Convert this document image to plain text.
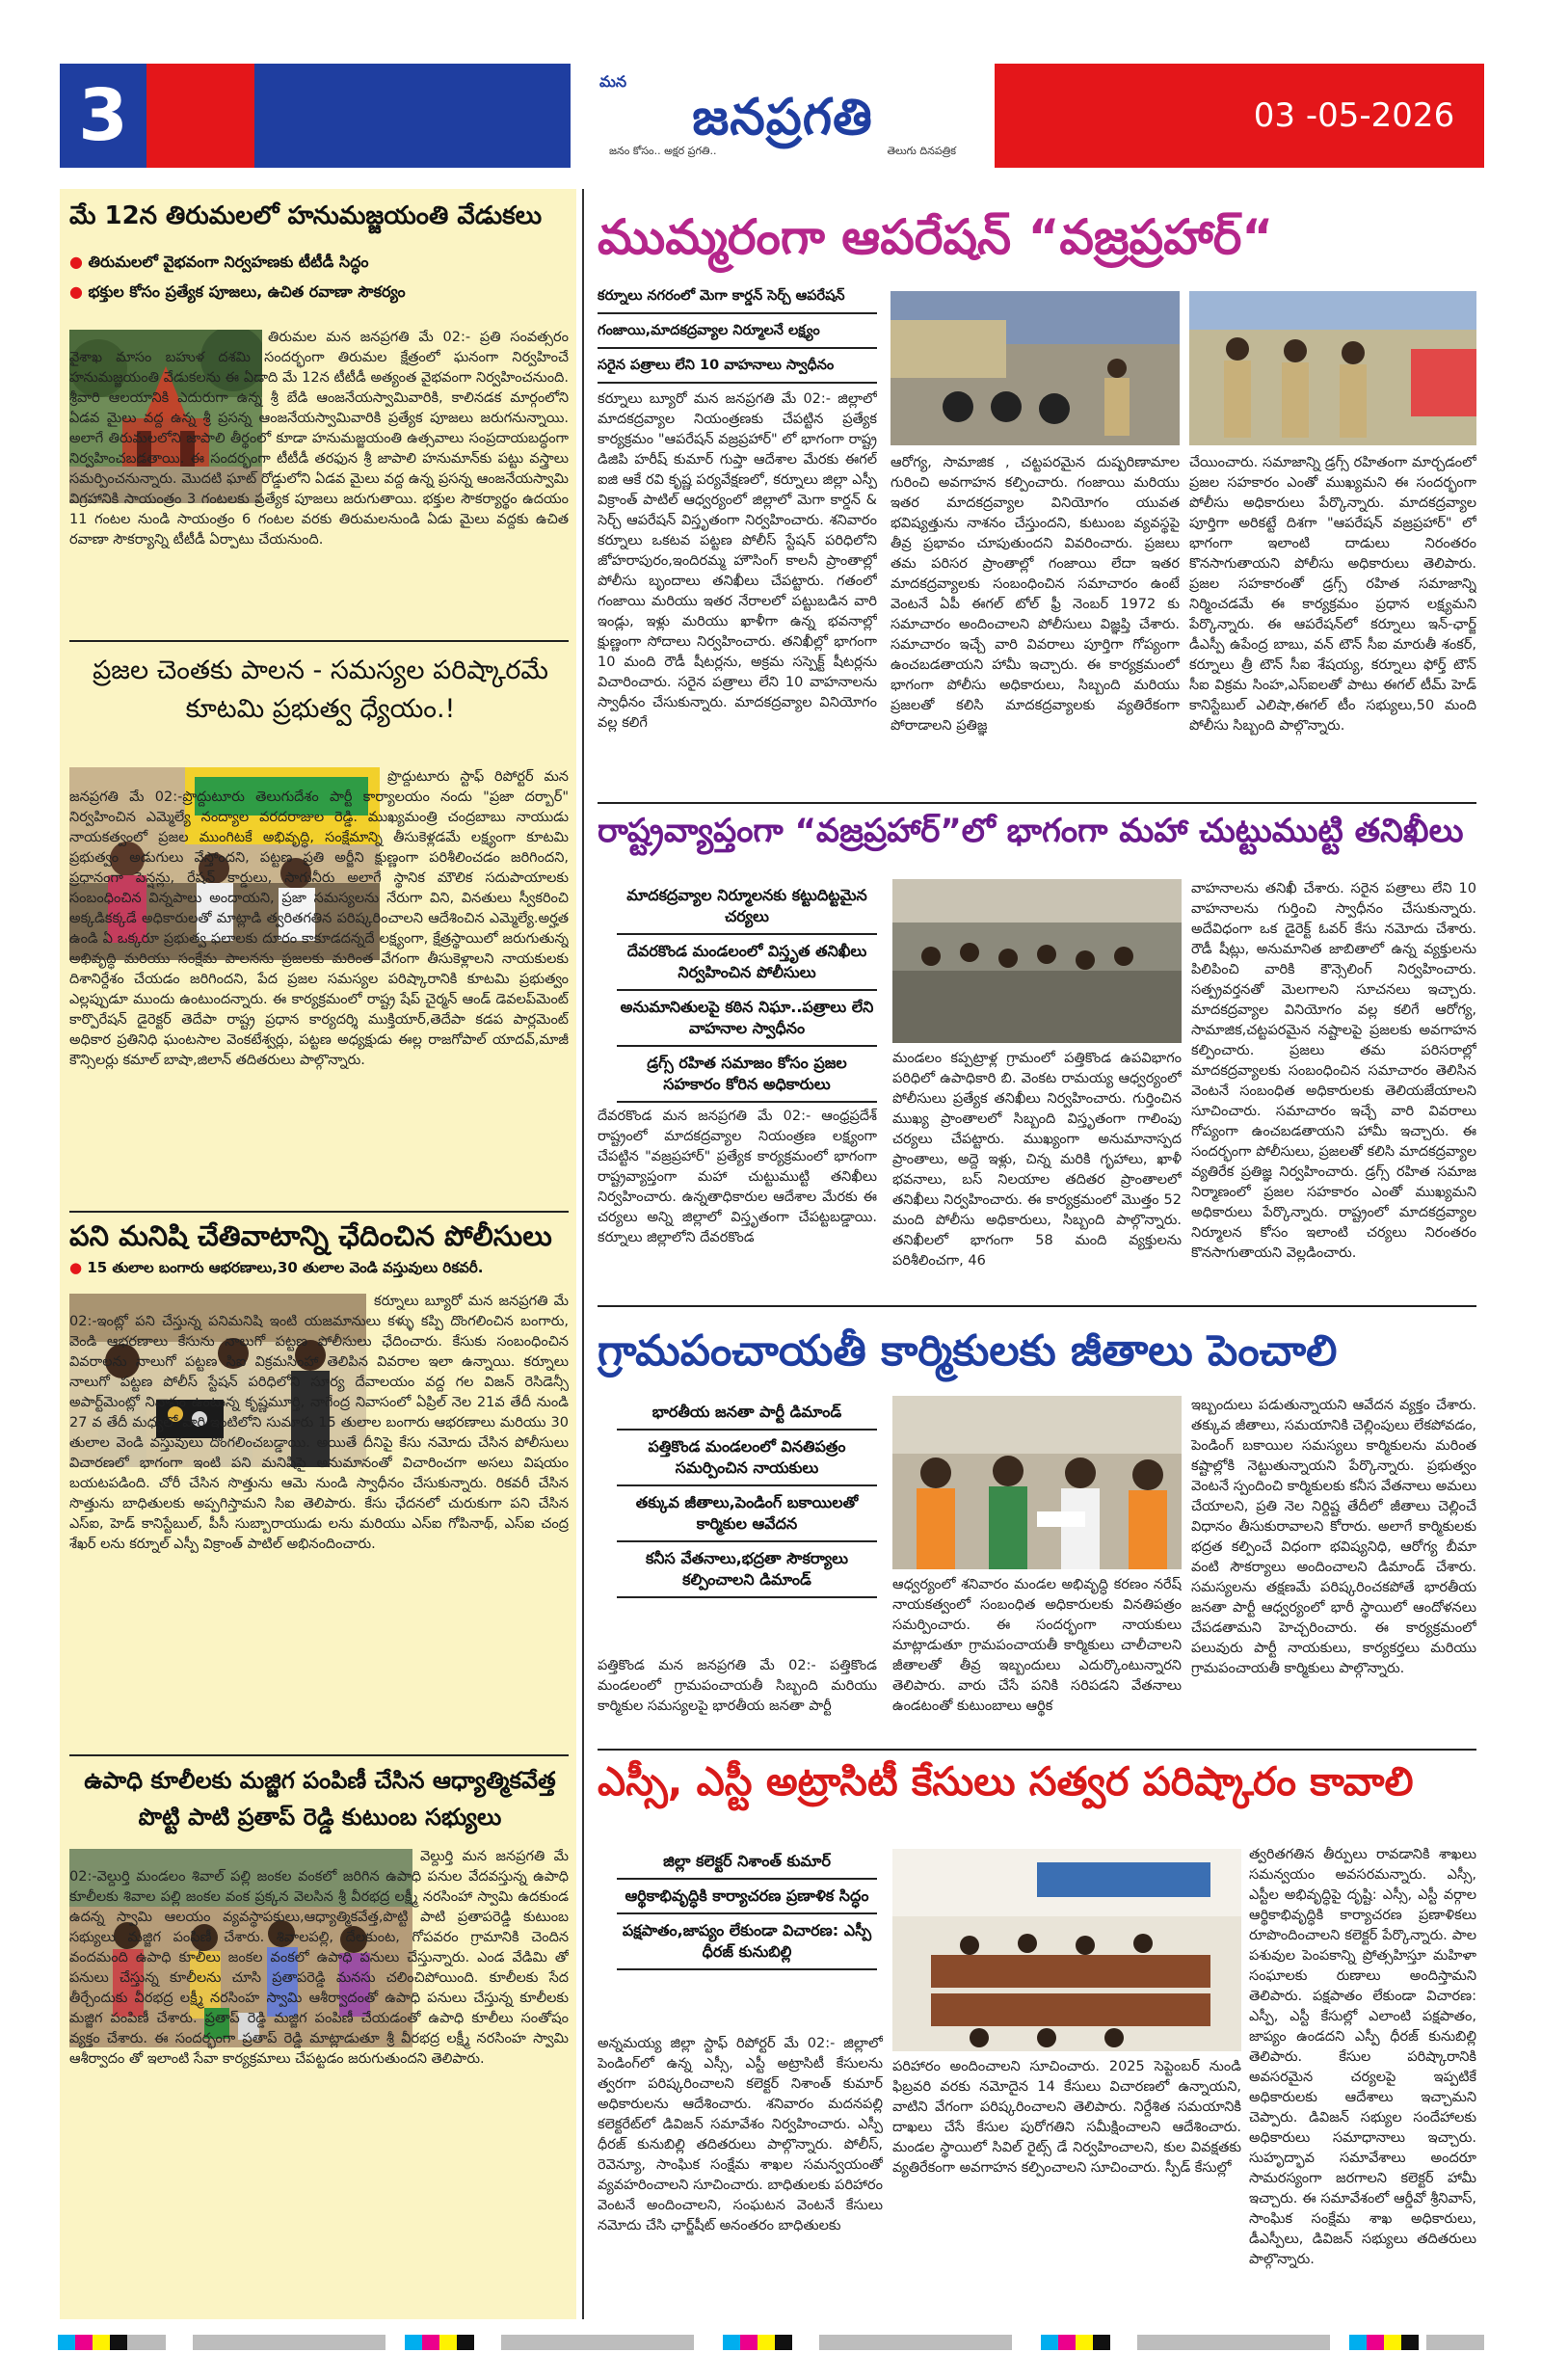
3	మన
జనప్రగతి
జనం కోసం.. అక్షర ప్రగతి..	తెలుగు దినపత్రిక
03 -05-2026
మే 12న తిరుమలలో హనుమజ్జయంతి వేడుకలు
● తిరుమలలో వైభవంగా నిర్వహణకు టీటీడీ సిద్ధం
● భక్తుల కోసం ప్రత్యేక పూజలు, ఉచిత రవాణా సౌకర్యం
తిరుమల మన జనప్రగతి మే 02:- ప్రతి సంవత్సరం వైశాఖ మాసం బహుళ దశమి సందర్భంగా తిరుమల క్షేత్రంలో ఘనంగా నిర్వహించే హనుమజ్జయంతి వేడుకలను ఈ ఏడాది మే 12న టీటీడీ అత్యంత వైభవంగా నిర్వహించనుంది. శ్రీవారి ఆలయానికి ఎదురుగా ఉన్న శ్రీ బేడి ఆంజనేయస్వామివారికి, కాలినడక మార్గంలోని ఏడవ మైలు వద్ద ఉన్న శ్రీ ప్రసన్న ఆంజనేయస్వామివారికి ప్రత్యేక పూజలు జరుగనున్నాయి. అలాగే తిరుమలలోని జాపాలి తీర్థంలో కూడా హనుమజ్జయంతి ఉత్సవాలు సంప్రదాయబద్ధంగా నిర్వహించబడతాయి. ఈ సందర్భంగా టీటీడీ తరఫున శ్రీ జాపాలి హనుమాన్‌కు పట్టు వస్త్రాలు సమర్పించనున్నారు. మొదటి ఘాట్ రోడ్డులోని ఏడవ మైలు వద్ద ఉన్న ప్రసన్న ఆంజనేయస్వామి విగ్రహానికి సాయంత్రం 3 గంటలకు ప్రత్యేక పూజలు జరుగుతాయి. భక్తుల సౌకర్యార్థం ఉదయం 11 గంటల నుండి సాయంత్రం 6 గంటల వరకు తిరుమలనుండి ఏడు మైలు వద్దకు ఉచిత రవాణా సౌకర్యాన్ని టీటీడీ ఏర్పాటు చేయనుంది.
ప్రజల చెంతకు పాలన - సమస్యల పరిష్కారమే కూటమి ప్రభుత్వ ధ్యేయం.!
ప్రొద్దుటూరు స్టాఫ్ రిపోర్టర్ మన జనప్రగతి మే 02:-ప్రొద్దుటూరు తెలుగుదేశం పార్టీ కార్యాలయం నందు "ప్రజా దర్బార్" నిర్వహించిన ఎమ్మెల్యే నంద్యాల వరదరాజుల రెడ్డి. ముఖ్యమంత్రి చంద్రబాబు నాయుడు నాయకత్వంలో ప్రజల ముంగిటకే అభివృద్ధి, సంక్షేమాన్ని తీసుకెళ్లడమే లక్ష్యంగా కూటమి ప్రభుత్వం అడుగులు వేస్తోందని, పట్టణ ప్రతి అర్జీని క్షుణ్ణంగా పరిశీలించడం జరిగిందని, ప్రధానంగా పెన్షన్లు, రేషన్ కార్డులు, సాగునీరు అలాగే స్థానిక మౌలిక సదుపాయాలకు సంబంధించిన విన్నపాలు అందాయని, ప్రజా సమస్యలను నేరుగా విని, వినతులు స్వీకరించి అక్కడికక్కడే అధికారులతో మాట్లాడి త్వరితగతిన పరిష్కరించాలని ఆదేశించిన ఎమ్మెల్యే.అర్హత ఉండి ఏ ఒక్కరూ ప్రభుత్వ ఫలాలకు దూరం కాకూడదన్నదే లక్ష్యంగా, క్షేత్రస్థాయిలో జరుగుతున్న అభివృద్ధి మరియు సంక్షేమ పాలనను ప్రజలకు మరింత వేగంగా తీసుకెళ్లాలని నాయకులకు దిశానిర్దేశం చేయడం జరిగిందని, పేద ప్రజల సమస్యల పరిష్కారానికి కూటమి ప్రభుత్వం ఎల్లప్పుడూ ముందు ఉంటుందన్నారు. ఈ కార్యక్రమంలో రాష్ట్ర షేప్ చైర్మన్ ఆండ్ డెవలప్‌మెంట్ కార్పొరేషన్ డైరెక్టర్ తెదేపా రాష్ట్ర ప్రధాన కార్యదర్శి ముక్తియార్,తెదేపా కడప పార్లమెంట్ అధికార ప్రతినిధి ఘంటసాల వెంకటేశ్వర్లు, పట్టణ అధ్యక్షుడు ఈల్ల రాజగోపాల్ యాదవ్,మాజీ కౌన్సిలర్లు కమాల్ బాషా,జిలాన్ తదితరులు పాల్గొన్నారు.
పని మనిషి చేతివాటాన్ని ఛేదించిన పోలీసులు
● 15 తులాల బంగారు ఆభరణాలు,30 తులాల వెండి వస్తువులు రికవరీ.
కర్నూలు బ్యూరో మన జనప్రగతి మే 02:-ఇంట్లో పని చేస్తున్న పనిమనిషి ఇంటి యజమానులు కళ్ళు కప్పి దొంగలించిన బంగారు, వెండి ఆభరణాలు కేసును నాలుగో పట్టణ పోలీసులు ఛేదించారు. కేసుకు సంబంధించిన వివరాలను నాలుగో పట్టణ సిఐ విక్రమసింహా తెలిపిన వివరాల ఇలా ఉన్నాయి. కర్నూలు నాలుగో పట్టణ పోలీస్ స్టేషన్ పరిధిలోని సూర్య దేవాలయం వద్ద గల విజన్ రెసిడెన్సీ అపార్ట్‌మెంట్లో నివాసం ఉంటున్న కృష్ణమూర్తి, నాగేంద్ర నివాసంలో ఏప్రిల్ నెల 21వ తేదీ నుండి 27 వ తేదీ మధ్యలో వారి ఇంటిలోని సుమారు 15 తులాల బంగారు ఆభరణాలు మరియు 30 తులాల వెండి వస్తువులు దొంగలించబడ్డాయి. అయితే దీనిపై కేసు నమోదు చేసిన పోలీసులు విచారణలో భాగంగా ఇంటి పని మనిషిపై అనుమానంతో విచారించగా అసలు విషయం బయటపడింది. చోరీ చేసిన సొత్తును ఆమె నుండి స్వాధీనం చేసుకున్నారు. రికవరీ చేసిన సొత్తును బాధితులకు అప్పగిస్తామని సిఐ తెలిపారు. కేసు ఛేదనలో చురుకుగా పని చేసిన ఎస్ఐ, హెడ్ కానిస్టేబుల్, పీసీ సుబ్బారాయుడు లను మరియు ఎస్ఐ గోపినాథ్, ఎస్ఐ చంద్ర శేఖర్ లను కర్నూల్ ఎస్పీ విక్రాంత్ పాటిల్ అభినందించారు.
ఉపాధి కూలీలకు మజ్జిగ పంపిణీ చేసిన ఆధ్యాత్మికవేత్త పొట్టి పాటి ప్రతాప్ రెడ్డి కుటుంబ సభ్యులు
వెల్దుర్తి మన జనప్రగతి మే 02:-వెల్దుర్తి మండలం శివాల్ పల్లి జంకల వంకలో జరిగిన ఉపాధి పనుల వేదవస్తున్న ఉపాధి కూలీలకు శివాల పల్లి జంకల వంక ప్రక్కన వెలసిన శ్రీ వీరభద్ర లక్ష్మీ నరసింహా స్వామి ఉదకుండ ఉదన్న స్వామి ఆలయం వ్యవస్థాపకులు,ఆధ్యాత్మికవేత్త,పొట్టి పాటి ప్రతాపరెడ్డి కుటుంబ సభ్యులు మజ్జిగ పంపిణీ చేశారు. శివాలపల్లి, దేలకుంట, గోపవరం గ్రామానికి చెందిన వందమంది ఉపాధి కూలీలు జంకల వంకలో ఉపాధి పనులు చేస్తున్నారు. ఎండ వేడిమి తో పనులు చేస్తున్న కూలీలను చూసి ప్రతాపరెడ్డి మనసు చలించిపోయింది. కూలీలకు సేద తీర్చేందుకు వీరభద్ర లక్ష్మీ నరసింహ స్వామి ఆశీర్వాదంతో ఉపాధి పనులు చేస్తున్న కూలీలకు మజ్జిగ పంపిణీ చేశారు. ప్రతాప్ రెడ్డి మజ్జిగ పంపిణీ చేయడంతో ఉపాధి కూలీలు సంతోషం వ్యక్తం చేశారు. ఈ సందర్భంగా ప్రతాప్ రెడ్డి మాట్లాడుతూ శ్రీ వీరభద్ర లక్ష్మీ నరసింహ స్వామి ఆశీర్వాదం తో ఇలాంటి సేవా కార్యక్రమాలు చేపట్టడం జరుగుతుందని తెలిపారు.
ముమ్మరంగా ఆపరేషన్ “వజ్రప్రహార్“
కర్నూలు నగరంలో మెగా కార్డన్ సెర్చ్ ఆపరేషన్
గంజాయి,మాదకద్రవ్యాల నిర్మూలనే లక్ష్యం
సరైన పత్రాలు లేని 10 వాహనాలు స్వాధీనం
కర్నూలు బ్యూరో మన జనప్రగతి మే 02:- జిల్లాలో మాదకద్రవ్యాల నియంత్రణకు చేపట్టిన ప్రత్యేక కార్యక్రమం "ఆపరేషన్ వజ్రప్రహార్" లో భాగంగా రాష్ట్ర డిజిపి హరీష్ కుమార్ గుప్తా ఆదేశాల మేరకు ఈగల్ ఐజి ఆకే రవి కృష్ణ పర్యవేక్షణలో, కర్నూలు జిల్లా ఎస్పీ విక్రాంత్ పాటిల్ ఆధ్వర్యంలో జిల్లాలో మెగా కార్డన్ & సెర్చ్ ఆపరేషన్ విస్తృతంగా నిర్వహించారు. శనివారం కర్నూలు ఒకటవ పట్టణ పోలీస్ స్టేషన్ పరిధిలోని జోహరాపురం,ఇందిరమ్మ హౌసింగ్ కాలనీ ప్రాంతాల్లో పోలీసు బృందాలు తనిఖీలు చేపట్టారు. గతంలో గంజాయి మరియు ఇతర నేరాలలో పట్టుబడిన వారి ఇండ్లు, ఇళ్లు మరియు ఖాళీగా ఉన్న భవనాల్లో క్షుణ్ణంగా సోదాలు నిర్వహించారు. తనిఖీల్లో భాగంగా 10 మంది రౌడీ షీటర్లను, అక్రమ సస్పెక్ట్ షీటర్లను విచారించారు. సరైన పత్రాలు లేని 10 వాహనాలను స్వాధీనం చేసుకున్నారు. మాదకద్రవ్యాల వినియోగం వల్ల కలిగే
ఆరోగ్య, సామాజిక , చట్టపరమైన దుష్పరిణామాల గురించి అవగాహన కల్పించారు. గంజాయి మరియు ఇతర మాదకద్రవ్యాల వినియోగం యువత భవిష్యత్తును నాశనం చేస్తుందని, కుటుంబ వ్యవస్థపై తీవ్ర ప్రభావం చూపుతుందని వివరించారు. ప్రజలు తమ పరిసర ప్రాంతాల్లో గంజాయి లేదా ఇతర మాదకద్రవ్యాలకు సంబంధించిన సమాచారం ఉంటే వెంటనే ఏపీ ఈగల్ టోల్ ఫ్రీ నెంబర్ 1972 కు సమాచారం అందించాలని పోలీసులు విజ్ఞప్తి చేశారు. సమాచారం ఇచ్చే వారి వివరాలు పూర్తిగా గోప్యంగా ఉంచబడతాయని హామీ ఇచ్చారు. ఈ కార్యక్రమంలో భాగంగా పోలీసు అధికారులు, సిబ్బంది మరియు ప్రజలతో కలిసి మాదకద్రవ్యాలకు వ్యతిరేకంగా పోరాడాలని ప్రతిజ్ఞ
చేయించారు. సమాజాన్ని డ్రగ్స్ రహితంగా మార్చడంలో ప్రజల సహకారం ఎంతో ముఖ్యమని ఈ సందర్భంగా పోలీసు అధికారులు పేర్కొన్నారు. మాదకద్రవ్యాల పూర్తిగా అరికట్టే దిశగా "ఆపరేషన్ వజ్రప్రహార్" లో భాగంగా ఇలాంటి దాడులు నిరంతరం కొనసాగుతాయని పోలీసు అధికారులు తెలిపారు. ప్రజల సహకారంతో డ్రగ్స్ రహిత సమాజాన్ని నిర్మించడమే ఈ కార్యక్రమం ప్రధాన లక్ష్యమని పేర్కొన్నారు. ఈ ఆపరేషన్‌లో కర్నూలు ఇన్-ఛార్జ్ డీఎస్పీ ఉపేంద్ర బాబు, వన్ టౌన్ సీఐ మారుతీ శంకర్, కర్నూలు త్రీ టౌన్ సీఐ శేషయ్య, కర్నూలు ఫోర్త్ టౌన్ సీఐ విక్రమ సింహ,ఎస్ఐలతో పాటు ఈగల్ టీమ్ హెడ్ కానిస్టేబుల్ ఎలిషా,ఈగల్ టీం సభ్యులు,50 మంది పోలీసు సిబ్బంది పాల్గొన్నారు.
రాష్ట్రవ్యాప్తంగా “వజ్రప్రహార్”లో భాగంగా మహా చుట్టుముట్టి తనిఖీలు
మాదకద్రవ్యాల నిర్మూలనకు కట్టుదిట్టమైన చర్యలు
దేవరకొండ మండలంలో విస్తృత తనిఖీలు నిర్వహించిన పోలీసులు
అనుమానితులపై కఠిన నిఘా..పత్రాలు లేని వాహనాల స్వాధీనం
డ్రగ్స్ రహిత సమాజం కోసం ప్రజల సహకారం కోరిన అధికారులు
దేవరకొండ మన జనప్రగతి మే 02:- ఆంధ్రప్రదేశ్ రాష్ట్రంలో మాదకద్రవ్యాల నియంత్రణ లక్ష్యంగా చేపట్టిన "వజ్రప్రహార్" ప్రత్యేక కార్యక్రమంలో భాగంగా రాష్ట్రవ్యాప్తంగా మహా చుట్టుముట్టి తనిఖీలు నిర్వహించారు. ఉన్నతాధికారుల ఆదేశాల మేరకు ఈ చర్యలు అన్ని జిల్లాలో విస్తృతంగా చేపట్టబడ్డాయి. కర్నూలు జిల్లాలోని దేవరకొండ
మండలం కప్పట్రాళ్ల గ్రామంలో పత్తికొండ ఉపవిభాగం పరిధిలో ఉపాధికారి బి. వెంకట రామయ్య ఆధ్వర్యంలో పోలీసులు ప్రత్యేక తనిఖీలు నిర్వహించారు. గుర్తించిన ముఖ్య ప్రాంతాలలో సిబ్బంది విస్తృతంగా గాలింపు చర్యలు చేపట్టారు. ముఖ్యంగా అనుమానాస్పద ప్రాంతాలు, అద్దె ఇళ్లు, చిన్న మరికి గృహాలు, ఖాళీ భవనాలు, బస్ నిలయాల తదితర ప్రాంతాలలో తనిఖీలు నిర్వహించారు. ఈ కార్యక్రమంలో మొత్తం 52 మంది పోలీసు అధికారులు, సిబ్బంది పాల్గొన్నారు. తనిఖీలలో భాగంగా 58 మంది వ్యక్తులను పరిశీలించగా, 46
వాహనాలను తనిఖీ చేశారు. సరైన పత్రాలు లేని 10 వాహనాలను గుర్తించి స్వాధీనం చేసుకున్నారు. అదేవిధంగా ఒక డైరెక్ట్ ఓవర్ కేసు నమోదు చేశారు. రౌడీ షీట్లు, అనుమానిత జాబితాలో ఉన్న వ్యక్తులను పిలిపించి వారికి కౌన్సెలింగ్ నిర్వహించారు. సత్ప్రవర్తనతో మెలగాలని సూచనలు ఇచ్చారు. మాదకద్రవ్యాల వినియోగం వల్ల కలిగే ఆరోగ్య, సామాజిక,చట్టపరమైన నష్టాలపై ప్రజలకు అవగాహన కల్పించారు. ప్రజలు తమ పరిసరాల్లో మాదకద్రవ్యాలకు సంబంధించిన సమాచారం తెలిసిన వెంటనే సంబంధిత అధికారులకు తెలియజేయాలని సూచించారు. సమాచారం ఇచ్చే వారి వివరాలు గోప్యంగా ఉంచబడతాయని హామీ ఇచ్చారు. ఈ సందర్భంగా పోలీసులు, ప్రజలతో కలిసి మాదకద్రవ్యాల వ్యతిరేక ప్రతిజ్ఞ నిర్వహించారు. డ్రగ్స్ రహిత సమాజ నిర్మాణంలో ప్రజల సహకారం ఎంతో ముఖ్యమని అధికారులు పేర్కొన్నారు. రాష్ట్రంలో మాదకద్రవ్యాల నిర్మూలన కోసం ఇలాంటి చర్యలు నిరంతరం కొనసాగుతాయని వెల్లడించారు.
గ్రామపంచాయతీ కార్మికులకు జీతాలు పెంచాలి
భారతీయ జనతా పార్టీ డిమాండ్
పత్తికొండ మండలంలో వినతిపత్రం సమర్పించిన నాయకులు
తక్కువ జీతాలు,పెండింగ్ బకాయిలతో కార్మికుల ఆవేదన
కనీస వేతనాలు,భద్రతా సౌకర్యాలు కల్పించాలని డిమాండ్
పత్తికొండ మన జనప్రగతి మే 02:- పత్తికొండ మండలంలో గ్రామపంచాయతీ సిబ్బంది మరియు కార్మికుల సమస్యలపై భారతీయ జనతా పార్టీ
ఆధ్వర్యంలో శనివారం మండల అభివృద్ధి కరణం నరేష్ నాయకత్వంలో సంబంధిత అధికారులకు వినతిపత్రం సమర్పించారు. ఈ సందర్భంగా నాయకులు మాట్లాడుతూ గ్రామపంచాయతీ కార్మికులు చాలీచాలని జీతాలతో తీవ్ర ఇబ్బందులు ఎదుర్కొంటున్నారని తెలిపారు. వారు చేసే పనికి సరిపడని వేతనాలు ఉండటంతో కుటుంబాలు ఆర్థిక
ఇబ్బందులు పడుతున్నాయని ఆవేదన వ్యక్తం చేశారు. తక్కువ జీతాలు, సమయానికి చెల్లింపులు లేకపోవడం, పెండింగ్ బకాయిల సమస్యలు కార్మికులను మరింత కష్టాల్లోకి నెట్టుతున్నాయని పేర్కొన్నారు. ప్రభుత్వం వెంటనే స్పందించి కార్మికులకు కనీస వేతనాలు అమలు చేయాలని, ప్రతి నెల నిర్దిష్ట తేదీలో జీతాలు చెల్లించే విధానం తీసుకురావాలని కోరారు. అలాగే కార్మికులకు భద్రత కల్పించే విధంగా భవిష్యనిధి, ఆరోగ్య బీమా వంటి సౌకర్యాలు అందించాలని డిమాండ్ చేశారు. సమస్యలను తక్షణమే పరిష్కరించకపోతే భారతీయ జనతా పార్టీ ఆధ్వర్యంలో భారీ స్థాయిలో ఆందోళనలు చేపడతామని హెచ్చరించారు. ఈ కార్యక్రమంలో పలువురు పార్టీ నాయకులు, కార్యకర్తలు మరియు గ్రామపంచాయతీ కార్మికులు పాల్గొన్నారు.
ఎస్సీ, ఎస్టీ అట్రాసిటీ కేసులు సత్వర పరిష్కారం కావాలి
జిల్లా కలెక్టర్ నిశాంత్ కుమార్
ఆర్థికాభివృద్ధికి కార్యాచరణ ప్రణాళిక సిద్ధం
పక్షపాతం,జాప్యం లేకుండా విచారణ: ఎస్పీ ధీరజ్ కునుబిల్లి
అన్నమయ్య జిల్లా స్టాఫ్ రిపోర్టర్ మే 02:- జిల్లాలో పెండింగ్‌లో ఉన్న ఎస్సీ, ఎస్టీ అట్రాసిటీ కేసులను త్వరగా పరిష్కరించాలని కలెక్టర్ నిశాంత్ కుమార్ అధికారులను ఆదేశించారు. శనివారం మదనపల్లి కలెక్టరేట్‌లో డివిజన్ సమావేశం నిర్వహించారు. ఎస్పీ ధీరజ్ కునుబిల్లి తదితరులు పాల్గొన్నారు. పోలీస్, రెవెన్యూ, సాంఘిక సంక్షేమ శాఖల సమన్వయంతో వ్యవహరించాలని సూచించారు. బాధితులకు పరిహారం వెంటనే అందించాలని, సంఘటన వెంటనే కేసులు నమోదు చేసి ఛార్జ్‌షీట్ అనంతరం బాధితులకు
పరిహారం అందించాలని సూచించారు. 2025 సెప్టెంబర్ నుండి ఫిబ్రవరి వరకు నమోదైన 14 కేసులు విచారణలో ఉన్నాయని, వాటిని వేగంగా పరిష్కరించాలని తెలిపారు. నిర్దేశిత సమయానికి దాఖలు చేసే కేసుల పురోగతిని సమీక్షించాలని ఆదేశించారు. మండల స్థాయిలో సివిల్ రైట్స్ డే నిర్వహించాలని, కుల వివక్షతకు వ్యతిరేకంగా అవగాహన కల్పించాలని సూచించారు. స్పీడ్ కేసుల్లో
త్వరితగతిన తీర్పులు రావడానికి శాఖలు సమన్వయం అవసరమన్నారు. ఎస్సీ, ఎస్టీల అభివృద్ధిపై దృష్టి: ఎస్సీ, ఎస్టీ వర్గాల ఆర్థికాభివృద్ధికి కార్యాచరణ ప్రణాళికలు రూపొందించాలని కలెక్టర్ పేర్కొన్నారు. పాల పశువుల పెంపకాన్ని ప్రోత్సహిస్తూ మహిళా సంఘాలకు రుణాలు అందిస్తామని తెలిపారు. పక్షపాతం లేకుండా విచారణ: ఎస్పీ, ఎస్టీ కేసుల్లో ఎలాంటి పక్షపాతం, జాప్యం ఉండదని ఎస్పీ ధీరజ్ కునుబిల్లి తెలిపారు. కేసుల పరిష్కారానికి అవసరమైన చర్యలపై ఇప్పటికే అధికారులకు ఆదేశాలు ఇచ్చామని చెప్పారు. డివిజన్ సభ్యుల సందేహాలకు అధికారులు సమాధానాలు ఇచ్చారు. సుహృద్భావ సమావేశాలు అందరూ సామరస్యంగా జరగాలని కలెక్టర్ హామీ ఇచ్చారు. ఈ సమావేశంలో ఆర్డీవో శ్రీనివాస్, సాంఘిక సంక్షేమ శాఖ అధికారులు, డీఎస్పీలు, డివిజన్ సభ్యులు తదితరులు పాల్గొన్నారు.
